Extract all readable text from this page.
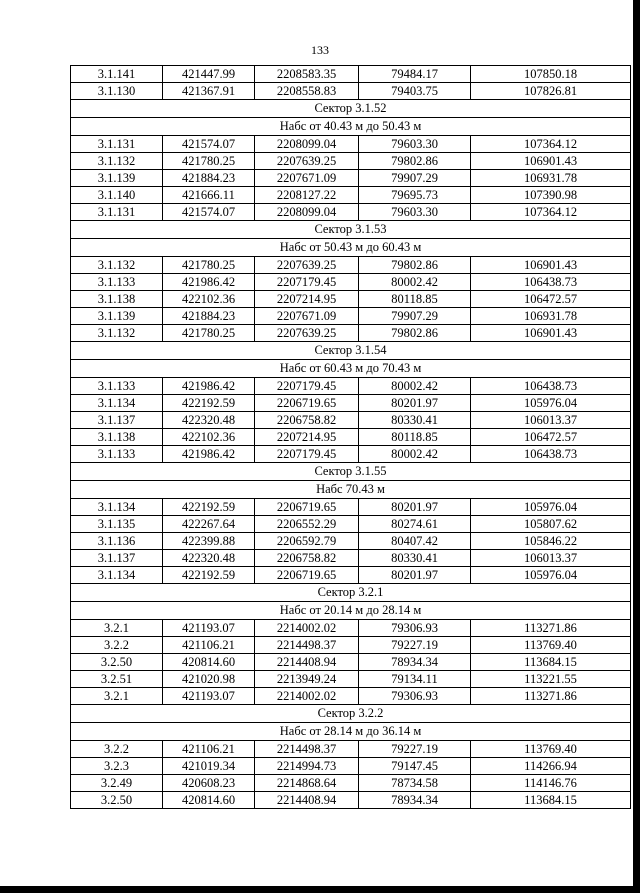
133
3.1.141	421447.99	2208583.35	79484.17	107850.18
3.1.130	421367.91	2208558.83	79403.75	107826.81
Сектор 3.1.52				
Набс от 40.43 м до 50.43 м				
3.1.131	421574.07	2208099.04	79603.30	107364.12
3.1.132	421780.25	2207639.25	79802.86	106901.43
3.1.139	421884.23	2207671.09	79907.29	106931.78
3.1.140	421666.11	2208127.22	79695.73	107390.98
3.1.131	421574.07	2208099.04	79603.30	107364.12
Сектор 3.1.53				
Набс от 50.43 м до 60.43 м				
3.1.132	421780.25	2207639.25	79802.86	106901.43
3.1.133	421986.42	2207179.45	80002.42	106438.73
3.1.138	422102.36	2207214.95	80118.85	106472.57
3.1.139	421884.23	2207671.09	79907.29	106931.78
3.1.132	421780.25	2207639.25	79802.86	106901.43
Сектор 3.1.54				
Набс от 60.43 м до 70.43 м				
3.1.133	421986.42	2207179.45	80002.42	106438.73
3.1.134	422192.59	2206719.65	80201.97	105976.04
3.1.137	422320.48	2206758.82	80330.41	106013.37
3.1.138	422102.36	2207214.95	80118.85	106472.57
3.1.133	421986.42	2207179.45	80002.42	106438.73
Сектор 3.1.55				
Набс 70.43 м				
3.1.134	422192.59	2206719.65	80201.97	105976.04
3.1.135	422267.64	2206552.29	80274.61	105807.62
3.1.136	422399.88	2206592.79	80407.42	105846.22
3.1.137	422320.48	2206758.82	80330.41	106013.37
3.1.134	422192.59	2206719.65	80201.97	105976.04
Сектор 3.2.1				
Набс от 20.14 м до 28.14 м				
3.2.1	421193.07	2214002.02	79306.93	113271.86
3.2.2	421106.21	2214498.37	79227.19	113769.40
3.2.50	420814.60	2214408.94	78934.34	113684.15
3.2.51	421020.98	2213949.24	79134.11	113221.55
3.2.1	421193.07	2214002.02	79306.93	113271.86
Сектор 3.2.2				
Набс от 28.14 м до 36.14 м				
3.2.2	421106.21	2214498.37	79227.19	113769.40
3.2.3	421019.34	2214994.73	79147.45	114266.94
3.2.49	420608.23	2214868.64	78734.58	114146.76
3.2.50	420814.60	2214408.94	78934.34	113684.15
